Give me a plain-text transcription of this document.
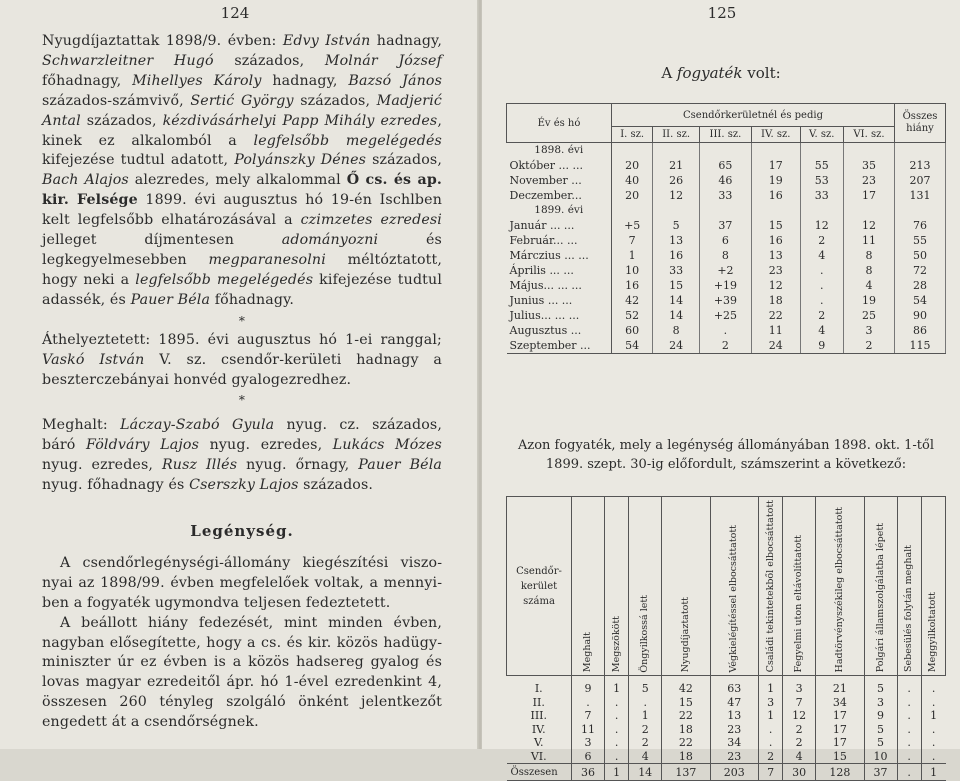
124

Nyugdíjaztattak 1898/9. évben: Edvy István hadnagy, Schwarzleitner Hugó százados, Molnár József főhadnagy, Mihellyes Károly hadnagy, Bazsó János százados-számvivő, Sertić György százados, Madjerić Antal százados, kézdivásárhelyi Papp Mihály ezredes, kinek ez alkalomból a legfelsőbb megelégedés kifejezése tudtul adatott, Polyánszky Dénes százados, Bach Alajos alezredes, mely alkalommal Ő cs. és ap. kir. Felsége 1899. évi augusztus hó 19-én Ischlben kelt legfelsőbb elhatározásával a czimzetes ezredesi jelleget díjmentesen adományozni és legkegyelmesebben megparanesolni méltóztatott, hogy neki a legfelsőbb megelégedés kifejezése tudtul adassék, és Pauer Béla főhadnagy.

*

Áthelyeztetett: 1895. évi augusztus hó 1-ei ranggal; Vaskó István V. sz. csendőr-kerületi hadnagy a beszterczebányai honvéd gyalogezredhez.

*

Meghalt: Láczay-Szabó Gyula nyug. cz. százados, báró Földváry Lajos nyug. ezredes, Lukács Mózes nyug. ezredes, Rusz Illés nyug. őrnagy, Pauer Béla nyug. főhadnagy és Cserszky Lajos százados.

Legénység.

A csendőrlegénységi-állomány kiegészítési viszonyai az 1898/99. évben megfelelőek voltak, a mennyiben a fogyaték ugymondva teljesen fedeztetett.

A beállott hiány fedezését, mint minden évben, nagyban elősegítette, hogy a cs. és kir. közös hadügyminiszter úr ez évben is a közös hadsereg gyalog és lovas magyar ezredeitől ápr. hó 1-ével ezredenkint 4, összesen 260 tényleg szolgáló önként jelentkezőt engedett át a csendőrségnek.

125
A fogyaték volt:
Év és hó	Csendőrkerületnél és pedig						Összes hiány
	I. sz.	II. sz.	III. sz.	IV. sz.	V. sz.	VI. sz.	
1898. évi							
Október ... ...	20	21	65	17	55	35	213
November ...	40	26	46	19	53	23	207
Deczember...	20	12	33	16	33	17	131
1899. évi							
Január ... ...	+5	5	37	15	12	12	76
Február... ...	7	13	6	16	2	11	55
Márczius ... ...	1	16	8	13	4	8	50
Április ... ...	10	33	+2	23	.	8	72
Május... ... ...	16	15	+19	12	.	4	28
Junius ... ...	42	14	+39	18	.	19	54
Julius... ... ...	52	14	+25	22	2	25	90
Augusztus ...	60	8	.	11	4	3	86
Szeptember ...	54	24	2	24	9	2	115
Azon fogyaték, mely a legénység állományában 1898. okt. 1-től 1899. szept. 30-ig előfordult, számszerint a következő:
Csendőr-
kerület
száma	Meghalt	Megszökött	Öngyilkossá lett	Nyugdíjaztatott	Végkielégítéssel elbocsáttatott	Családi tekintetekből elbocsáttatott	Fegyelmi uton eltávolíttatott	Hadtörvényszékileg elbocsáttatott	Polgári államszolgálatba lépett	Sebesülés folytán meghalt	Meggyilkoltatott

I.	9	1	5	42	63	1	3	21	5	.	.
II.	.	.	.	15	47	3	7	34	3	.	.
III.	7	.	1	22	13	1	12	17	9	.	1
IV.	11	.	2	18	23	.	2	17	5	.	.
V.	3	.	2	22	34	.	2	17	5	.	.
VI.	6	.	4	18	23	2	4	15	10	.	.
Összesen	36	1	14	137	203	7	30	128	37	.	1
